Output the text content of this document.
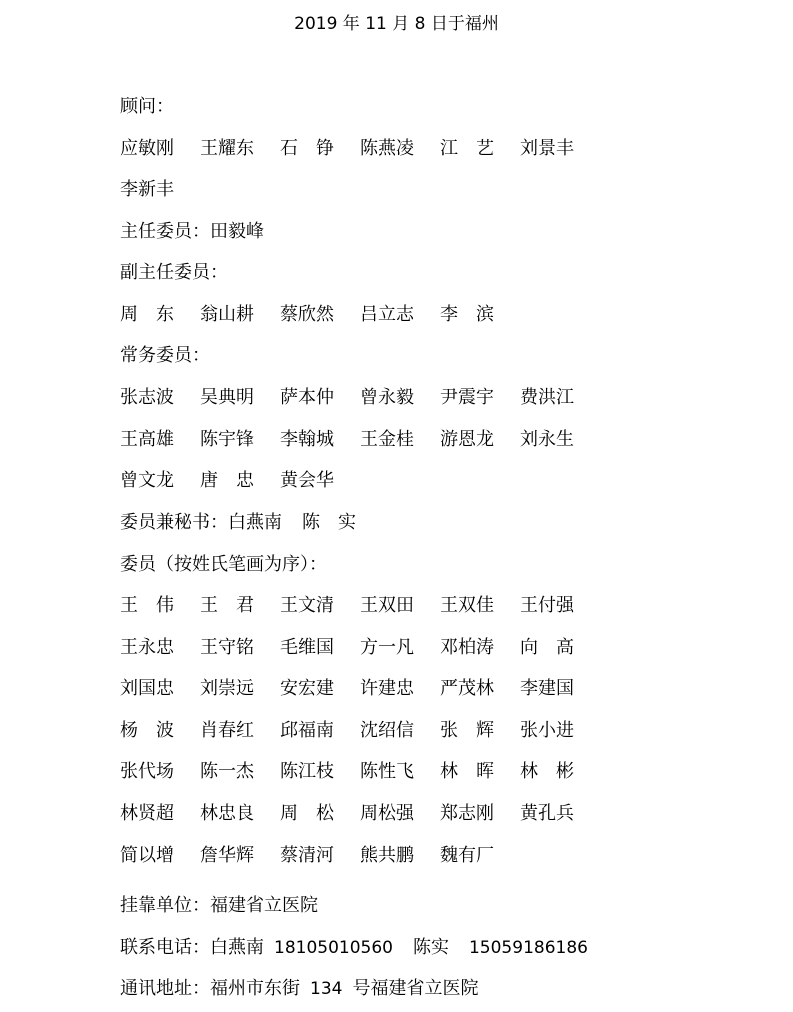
2019 年 11 月 8 日于福州
顾问：
应敏刚	王耀东	石　铮	陈燕凌	江　艺	刘景丰
李新丰
主任委员：田毅峰
副主任委员：
周　东	翁山耕	蔡欣然	吕立志	李　滨
常务委员：
张志波	吴典明	萨本仲	曾永毅	尹震宇	费洪江
王高雄	陈宇锋	李翰城	王金桂	游恩龙	刘永生
曾文龙	唐　忠	黄会华
委员兼秘书：白燕南 陈　实
委员（按姓氏笔画为序）：
王　伟	王　君	王文清	王双田	王双佳	王付强
王永忠	王守铭	毛维国	方一凡	邓柏涛	向　高
刘国忠	刘崇远	安宏建	许建忠	严茂林	李建国
杨　波	肖春红	邱福南	沈绍信	张　辉	张小进
张代场	陈一杰	陈江枝	陈性飞	林　晖	林　彬
林贤超	林忠良	周　松	周松强	郑志刚	黄孔兵
简以增	詹华辉	蔡清河	熊共鹏	魏有厂
挂靠单位：福建省立医院
联系电话：白燕南 18105010560 陈实 15059186186
通讯地址：福州市东街 134 号福建省立医院
